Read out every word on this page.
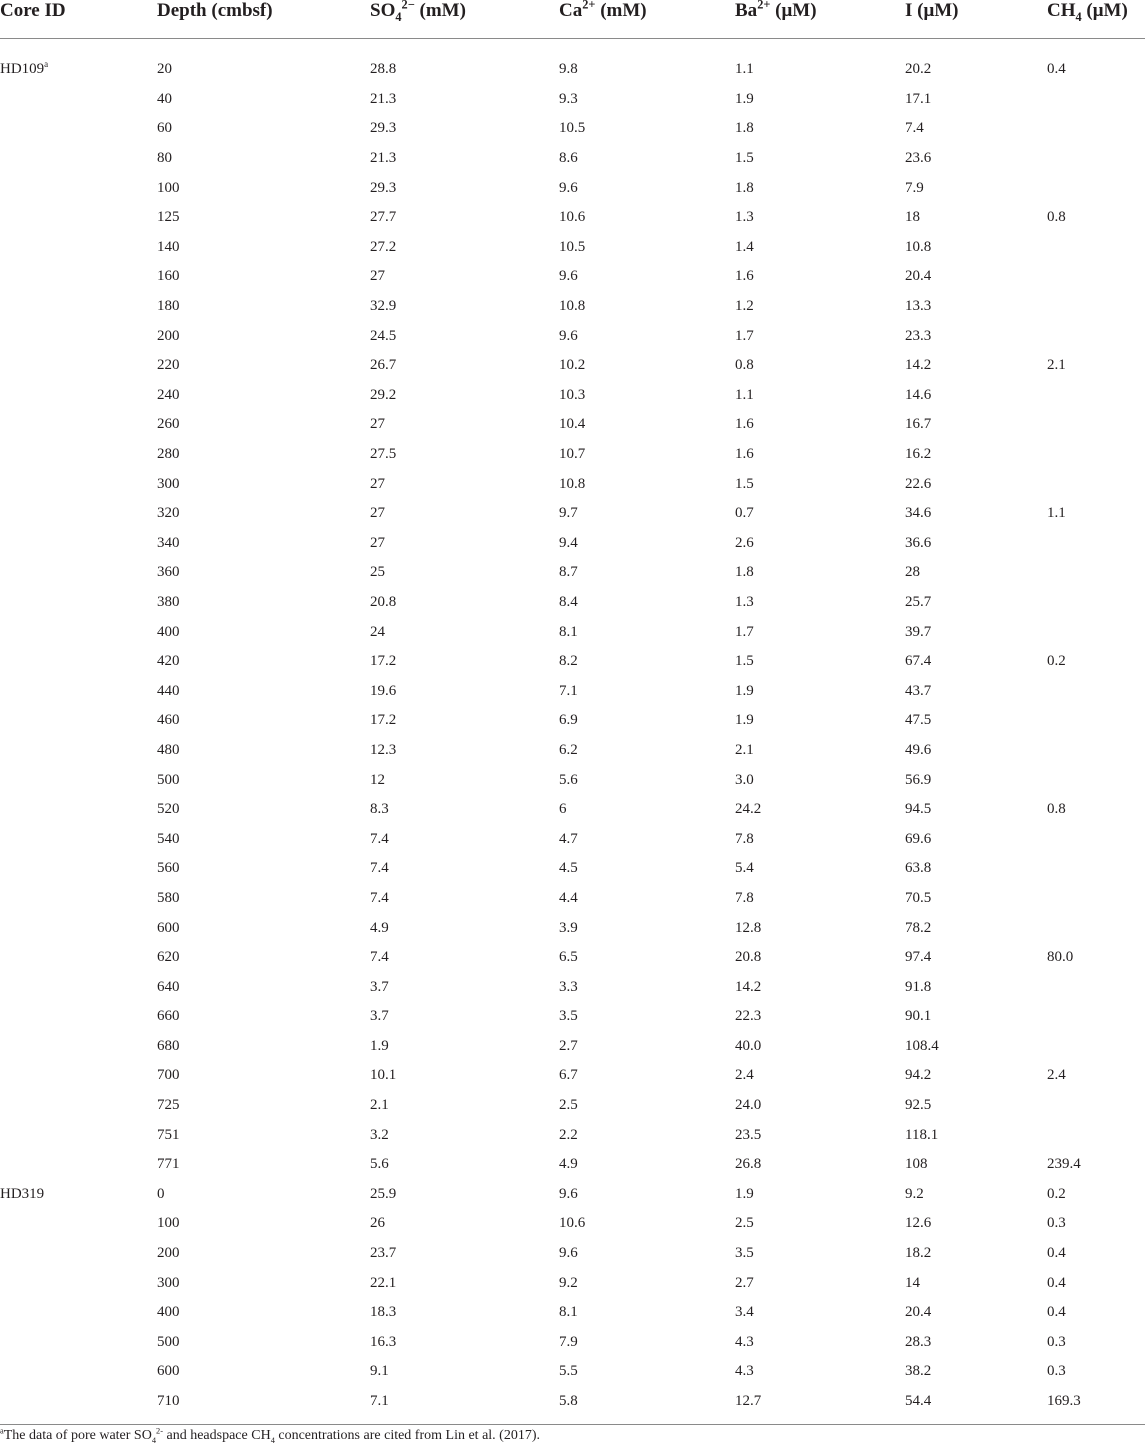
Core ID	Depth (cmbsf)	$SO_4^{2-}$ (mM)	$Ca^{2+}$ (mM)	$Ba^{2+}$ (μM)	I (μM)	$CH_4$ (μM)
HD109$^a$	20	28.8	9.8	1.1	20.2	0.4
	40	21.3	9.3	1.9	17.1	
	60	29.3	10.5	1.8	7.4	
	80	21.3	8.6	1.5	23.6	
	100	29.3	9.6	1.8	7.9	
	125	27.7	10.6	1.3	18	0.8
	140	27.2	10.5	1.4	10.8	
	160	27	9.6	1.6	20.4	
	180	32.9	10.8	1.2	13.3	
	200	24.5	9.6	1.7	23.3	
	220	26.7	10.2	0.8	14.2	2.1
	240	29.2	10.3	1.1	14.6	
	260	27	10.4	1.6	16.7	
	280	27.5	10.7	1.6	16.2	
	300	27	10.8	1.5	22.6	
	320	27	9.7	0.7	34.6	1.1
	340	27	9.4	2.6	36.6	
	360	25	8.7	1.8	28	
	380	20.8	8.4	1.3	25.7	
	400	24	8.1	1.7	39.7	
	420	17.2	8.2	1.5	67.4	0.2
	440	19.6	7.1	1.9	43.7	
	460	17.2	6.9	1.9	47.5	
	480	12.3	6.2	2.1	49.6	
	500	12	5.6	3.0	56.9	
	520	8.3	6	24.2	94.5	0.8
	540	7.4	4.7	7.8	69.6	
	560	7.4	4.5	5.4	63.8	
	580	7.4	4.4	7.8	70.5	
	600	4.9	3.9	12.8	78.2	
	620	7.4	6.5	20.8	97.4	80.0
	640	3.7	3.3	14.2	91.8	
	660	3.7	3.5	22.3	90.1	
	680	1.9	2.7	40.0	108.4	
	700	10.1	6.7	2.4	94.2	2.4
	725	2.1	2.5	24.0	92.5	
	751	3.2	2.2	23.5	118.1	
	771	5.6	4.9	26.8	108	239.4
HD319	0	25.9	9.6	1.9	9.2	0.2
	100	26	10.6	2.5	12.6	0.3
	200	23.7	9.6	3.5	18.2	0.4
	300	22.1	9.2	2.7	14	0.4
	400	18.3	8.1	3.4	20.4	0.4
	500	16.3	7.9	4.3	28.3	0.3
	600	9.1	5.5	4.3	38.2	0.3
	710	7.1	5.8	12.7	54.4	169.3
$^a$The data of pore water $SO_4^{2-}$ and headspace $CH_4$ concentrations are cited from Lin et al. (2017).
